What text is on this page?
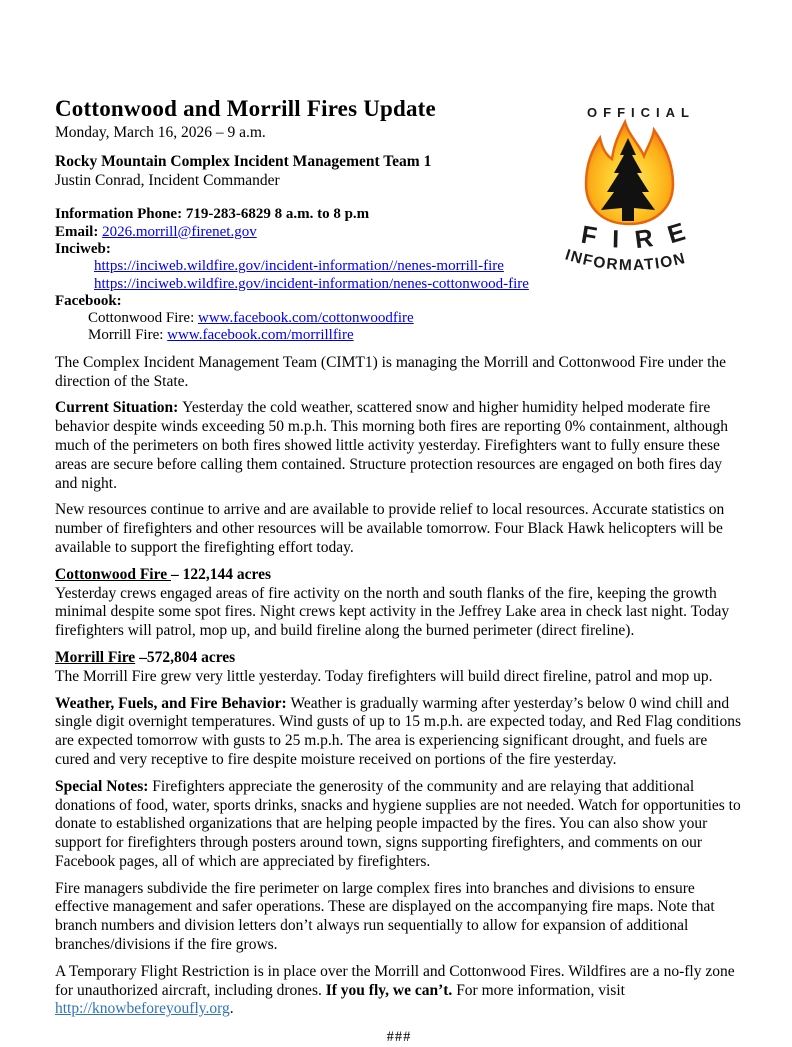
OFFICIAL
FIRE
INFORMATION
Cottonwood and Morrill Fires Update
Monday, March 16, 2026 – 9 a.m.
Rocky Mountain Complex Incident Management Team 1
Justin Conrad, Incident Commander
Information Phone: 719-283-6829 8 a.m. to 8 p.m
Email: 2026.morrill@firenet.gov
Inciweb:
https://inciweb.wildfire.gov/incident-information//nenes-morrill-fire
https://inciweb.wildfire.gov/incident-information/nenes-cottonwood-fire
Facebook:
Cottonwood Fire: www.facebook.com/cottonwoodfire
Morrill Fire: www.facebook.com/morrillfire
The Complex Incident Management Team (CIMT1) is managing the Morrill and Cottonwood Fire under the direction of the State.
Current Situation: Yesterday the cold weather, scattered snow and higher humidity helped moderate fire behavior despite winds exceeding 50 m.p.h. This morning both fires are reporting 0% containment, although much of the perimeters on both fires showed little activity yesterday. Firefighters want to fully ensure these areas are secure before calling them contained. Structure protection resources are engaged on both fires day and night.
New resources continue to arrive and are available to provide relief to local resources. Accurate statistics on number of firefighters and other resources will be available tomorrow. Four Black Hawk helicopters will be available to support the firefighting effort today.
Cottonwood Fire – 122,144 acres
Yesterday crews engaged areas of fire activity on the north and south flanks of the fire, keeping the growth minimal despite some spot fires. Night crews kept activity in the Jeffrey Lake area in check last night. Today firefighters will patrol, mop up, and build fireline along the burned perimeter (direct fireline).
Morrill Fire –572,804 acres
The Morrill Fire grew very little yesterday. Today firefighters will build direct fireline, patrol and mop up.
Weather, Fuels, and Fire Behavior: Weather is gradually warming after yesterday’s below 0 wind chill and single digit overnight temperatures. Wind gusts of up to 15 m.p.h. are expected today, and Red Flag conditions are expected tomorrow with gusts to 25 m.p.h. The area is experiencing significant drought, and fuels are cured and very receptive to fire despite moisture received on portions of the fire yesterday.
Special Notes: Firefighters appreciate the generosity of the community and are relaying that additional donations of food, water, sports drinks, snacks and hygiene supplies are not needed. Watch for opportunities to donate to established organizations that are helping people impacted by the fires. You can also show your support for firefighters through posters around town, signs supporting firefighters, and comments on our Facebook pages, all of which are appreciated by firefighters.
Fire managers subdivide the fire perimeter on large complex fires into branches and divisions to ensure effective management and safer operations. These are displayed on the accompanying fire maps. Note that branch numbers and division letters don’t always run sequentially to allow for expansion of additional branches/divisions if the fire grows.
A Temporary Flight Restriction is in place over the Morrill and Cottonwood Fires. Wildfires are a no-fly zone for unauthorized aircraft, including drones. If you fly, we can’t. For more information, visit http://knowbeforeyoufly.org.
###
